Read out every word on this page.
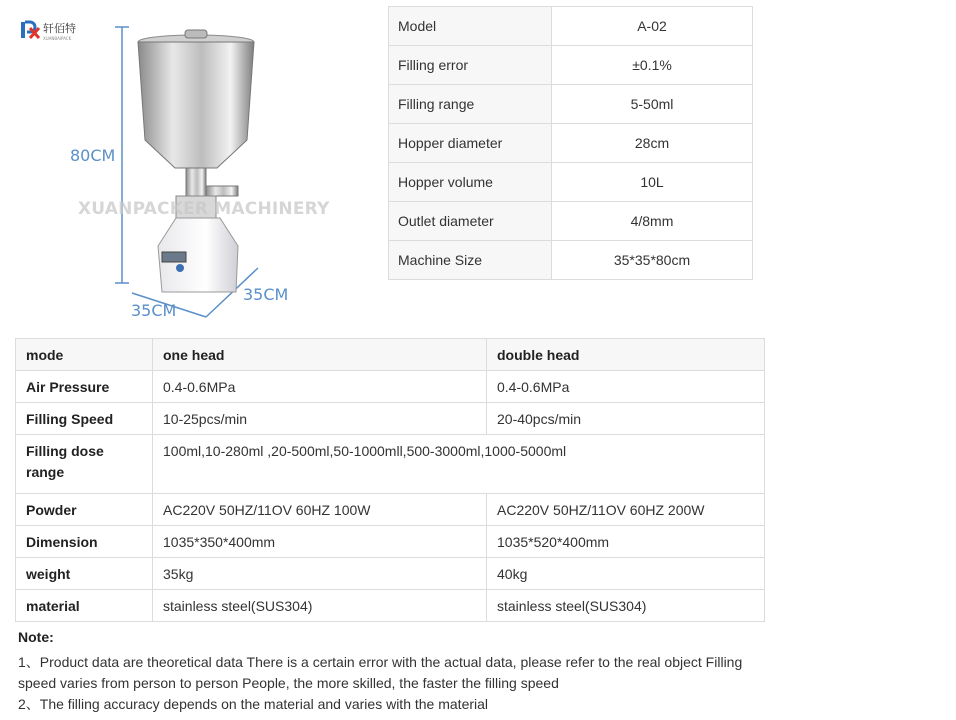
轩佰特
XUANBAIPACK
80CM
35CM
35CM
XUANPACKER MACHINERY
Model	A-02
Filling error	±0.1%
Filling range	5-50ml
Hopper diameter	28cm
Hopper volume	10L
Outlet diameter	4/8mm
Machine Size	35*35*80cm
mode	one head	double head
Air Pressure	0.4-0.6MPa	0.4-0.6MPa
Filling Speed	10-25pcs/min	20-40pcs/min
Filling dose range	100ml,10-280ml ,20-500ml,50-1000mll,500-3000ml,1000-5000ml	
Powder	AC220V 50HZ/11OV 60HZ 100W	AC220V 50HZ/11OV 60HZ 200W
Dimension	1035*350*400mm	1035*520*400mm
weight	35kg	40kg
material	stainless steel(SUS304)	stainless steel(SUS304)
Note:
1、Product data are theoretical data There is a certain error with the actual data, please refer to the real object Filling speed varies from person to person People, the more skilled, the faster the filling speed
2、The filling accuracy depends on the material and varies with the material
